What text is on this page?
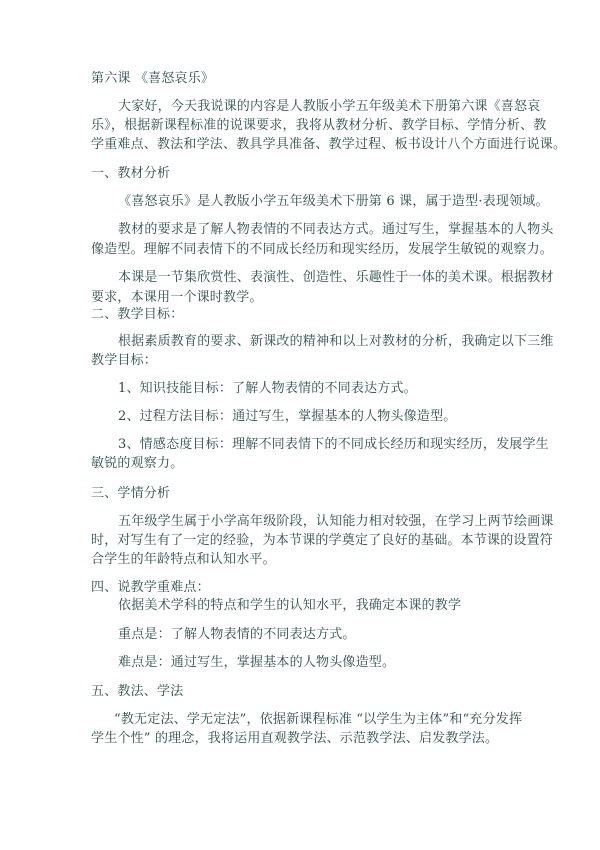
第六课 《喜怒哀乐》
大家好，今天我说课的内容是人教版小学五年级美术下册第六课《喜怒哀
乐》，根据新课程标准的说课要求，我将从教材分析、教学目标、学情分析、教
学重难点、教法和学法、教具学具准备、教学过程、板书设计八个方面进行说课。
一、教材分析
《喜怒哀乐》是人教版小学五年级美术下册第 6 课，属于造型·表现领域。
教材的要求是了解人物表情的不同表达方式。通过写生，掌握基本的人物头
像造型。理解不同表情下的不同成长经历和现实经历，发展学生敏锐的观察力。
本课是一节集欣赏性、表演性、创造性、乐趣性于一体的美术课。根据教材
要求，本课用一个课时教学。
二、教学目标：
根据素质教育的要求、新课改的精神和以上对教材的分析，我确定以下三维
教学目标：
1、知识技能目标：了解人物表情的不同表达方式。
2、过程方法目标：通过写生，掌握基本的人物头像造型。
3、情感态度目标：理解不同表情下的不同成长经历和现实经历，发展学生
敏锐的观察力。
三、学情分析
五年级学生属于小学高年级阶段，认知能力相对较强，在学习上两节绘画课
时，对写生有了一定的经验，为本节课的学奠定了良好的基础。本节课的设置符
合学生的年龄特点和认知水平。
四、说教学重难点：
依据美术学科的特点和学生的认知水平，我确定本课的教学
重点是：了解人物表情的不同表达方式。
难点是：通过写生，掌握基本的人物头像造型。
五、教法、学法
“教无定法、学无定法”，依据新课程标准 “以学生为主体”和“充分发挥
学生个性” 的理念，我将运用直观教学法、示范教学法、启发教学法。
